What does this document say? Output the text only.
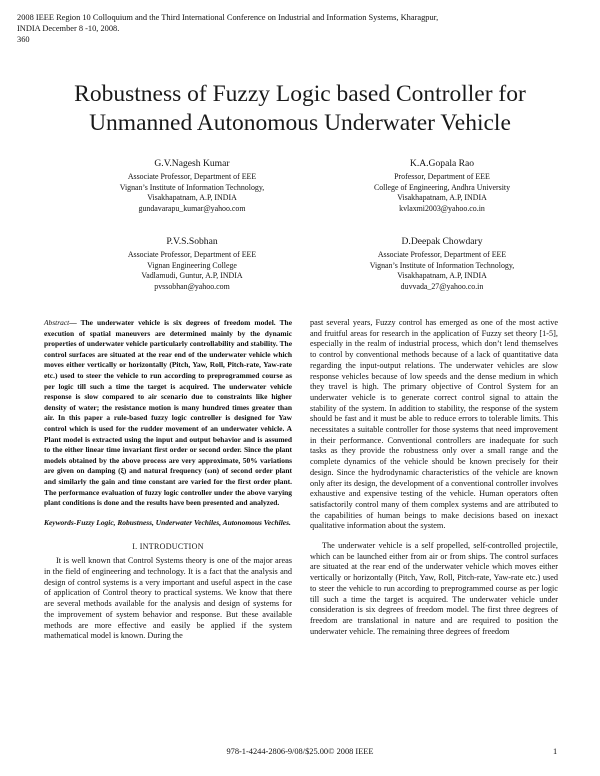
2008 IEEE Region 10 Colloquium and the Third International Conference on Industrial and Information Systems, Kharagpur,
INDIA December 8 -10, 2008.
360
Robustness of Fuzzy Logic based Controller for
Unmanned Autonomous Underwater Vehicle
G.V.Nagesh Kumar
Associate Professor, Department of EEE
Vignan’s Institute of Information Technology,
Visakhapatnam, A.P, INDIA
gundavarapu_kumar@yahoo.com
K.A.Gopala Rao
Professor, Department of EEE
College of Engineering, Andhra University
Visakhapatnam, A.P, INDIA
kvlaxmi2003@yahoo.co.in
P.V.S.Sobhan
Associate Professor, Department of EEE
Vignan Engineering College
Vadlamudi, Guntur, A.P, INDIA
pvssobhan@yahoo.com
D.Deepak Chowdary
Associate Professor, Department of EEE
Vignan’s Institute of Information Technology,
Visakhapatnam, A.P, INDIA
duvvada_27@yahoo.co.in
Abstract— The underwater vehicle is six degrees of freedom model. The execution of spatial maneuvers are determined mainly by the dynamic properties of underwater vehicle particularly controllability and stability. The control surfaces are situated at the rear end of the underwater vehicle which moves either vertically or horizontally (Pitch, Yaw, Roll, Pitch-rate, Yaw-rate etc.) used to steer the vehicle to run according to preprogrammed course as per logic till such a time the target is acquired. The underwater vehicle response is slow compared to air scenario due to constraints like higher density of water; the resistance motion is many hundred times greater than air. In this paper a rule-based fuzzy logic controller is designed for Yaw control which is used for the rudder movement of an underwater vehicle. A Plant model is extracted using the input and output behavior and is assumed to the either linear time invariant first order or second order. Since the plant models obtained by the above process are very approximate, 50% variations are given on damping (ξ) and natural frequency (ωn) of second order plant and similarly the gain and time constant are varied for the first order plant. The performance evaluation of fuzzy logic controller under the above varying plant conditions is done and the results have been presented and analyzed.
Keywords-Fuzzy Logic, Robustness, Underwater Vechiles, Autonomous Vechiles.
I. INTRODUCTION

It is well known that Control Systems theory is one of the major areas in the field of engineering and technology. It is a fact that the analysis and design of control systems is a very important and useful aspect in the case of application of Control theory to practical systems. We know that there are several methods available for the analysis and design of systems for the improvement of system behavior and response. But these available methods are more effective and easily be applied if the system mathematical model is known. During the

past several years, Fuzzy control has emerged as one of the most active and fruitful areas for research in the application of Fuzzy set theory [1-5], especially in the realm of industrial process, which don’t lend themselves to control by conventional methods because of a lack of quantitative data regarding the input-output relations. The underwater vehicles are slow response vehicles because of low speeds and the dense medium in which they travel is high. The primary objective of Control System for an underwater vehicle is to generate correct control signal to attain the stability of the system. In addition to stability, the response of the system should be fast and it must be able to reduce errors to tolerable limits. This necessitates a suitable controller for those systems that need improvement in their performance. Conventional controllers are inadequate for such tasks as they provide the robustness only over a small range and the complete dynamics of the vehicle should be known precisely for their design. Since the hydrodynamic characteristics of the vehicle are known only after its design, the development of a conventional controller involves exhaustive and expensive testing of the vehicle. Human operators often satisfactorily control many of them complex systems and are attributed to the capabilities of human beings to make decisions based on inexact qualitative information about the system.

The underwater vehicle is a self propelled, self-controlled projectile, which can be launched either from air or from ships. The control surfaces are situated at the rear end of the underwater vehicle which moves either vertically or horizontally (Pitch, Yaw, Roll, Pitch-rate, Yaw-rate etc.) used to steer the vehicle to run according to preprogrammed course as per logic till such a time the target is acquired. The underwater vehicle under consideration is six degrees of freedom model. The first three degrees of freedom are translational in nature and are required to position the underwater vehicle. The remaining three degrees of freedom

978-1-4244-2806-9/08/$25.00© 2008 IEEE	1
